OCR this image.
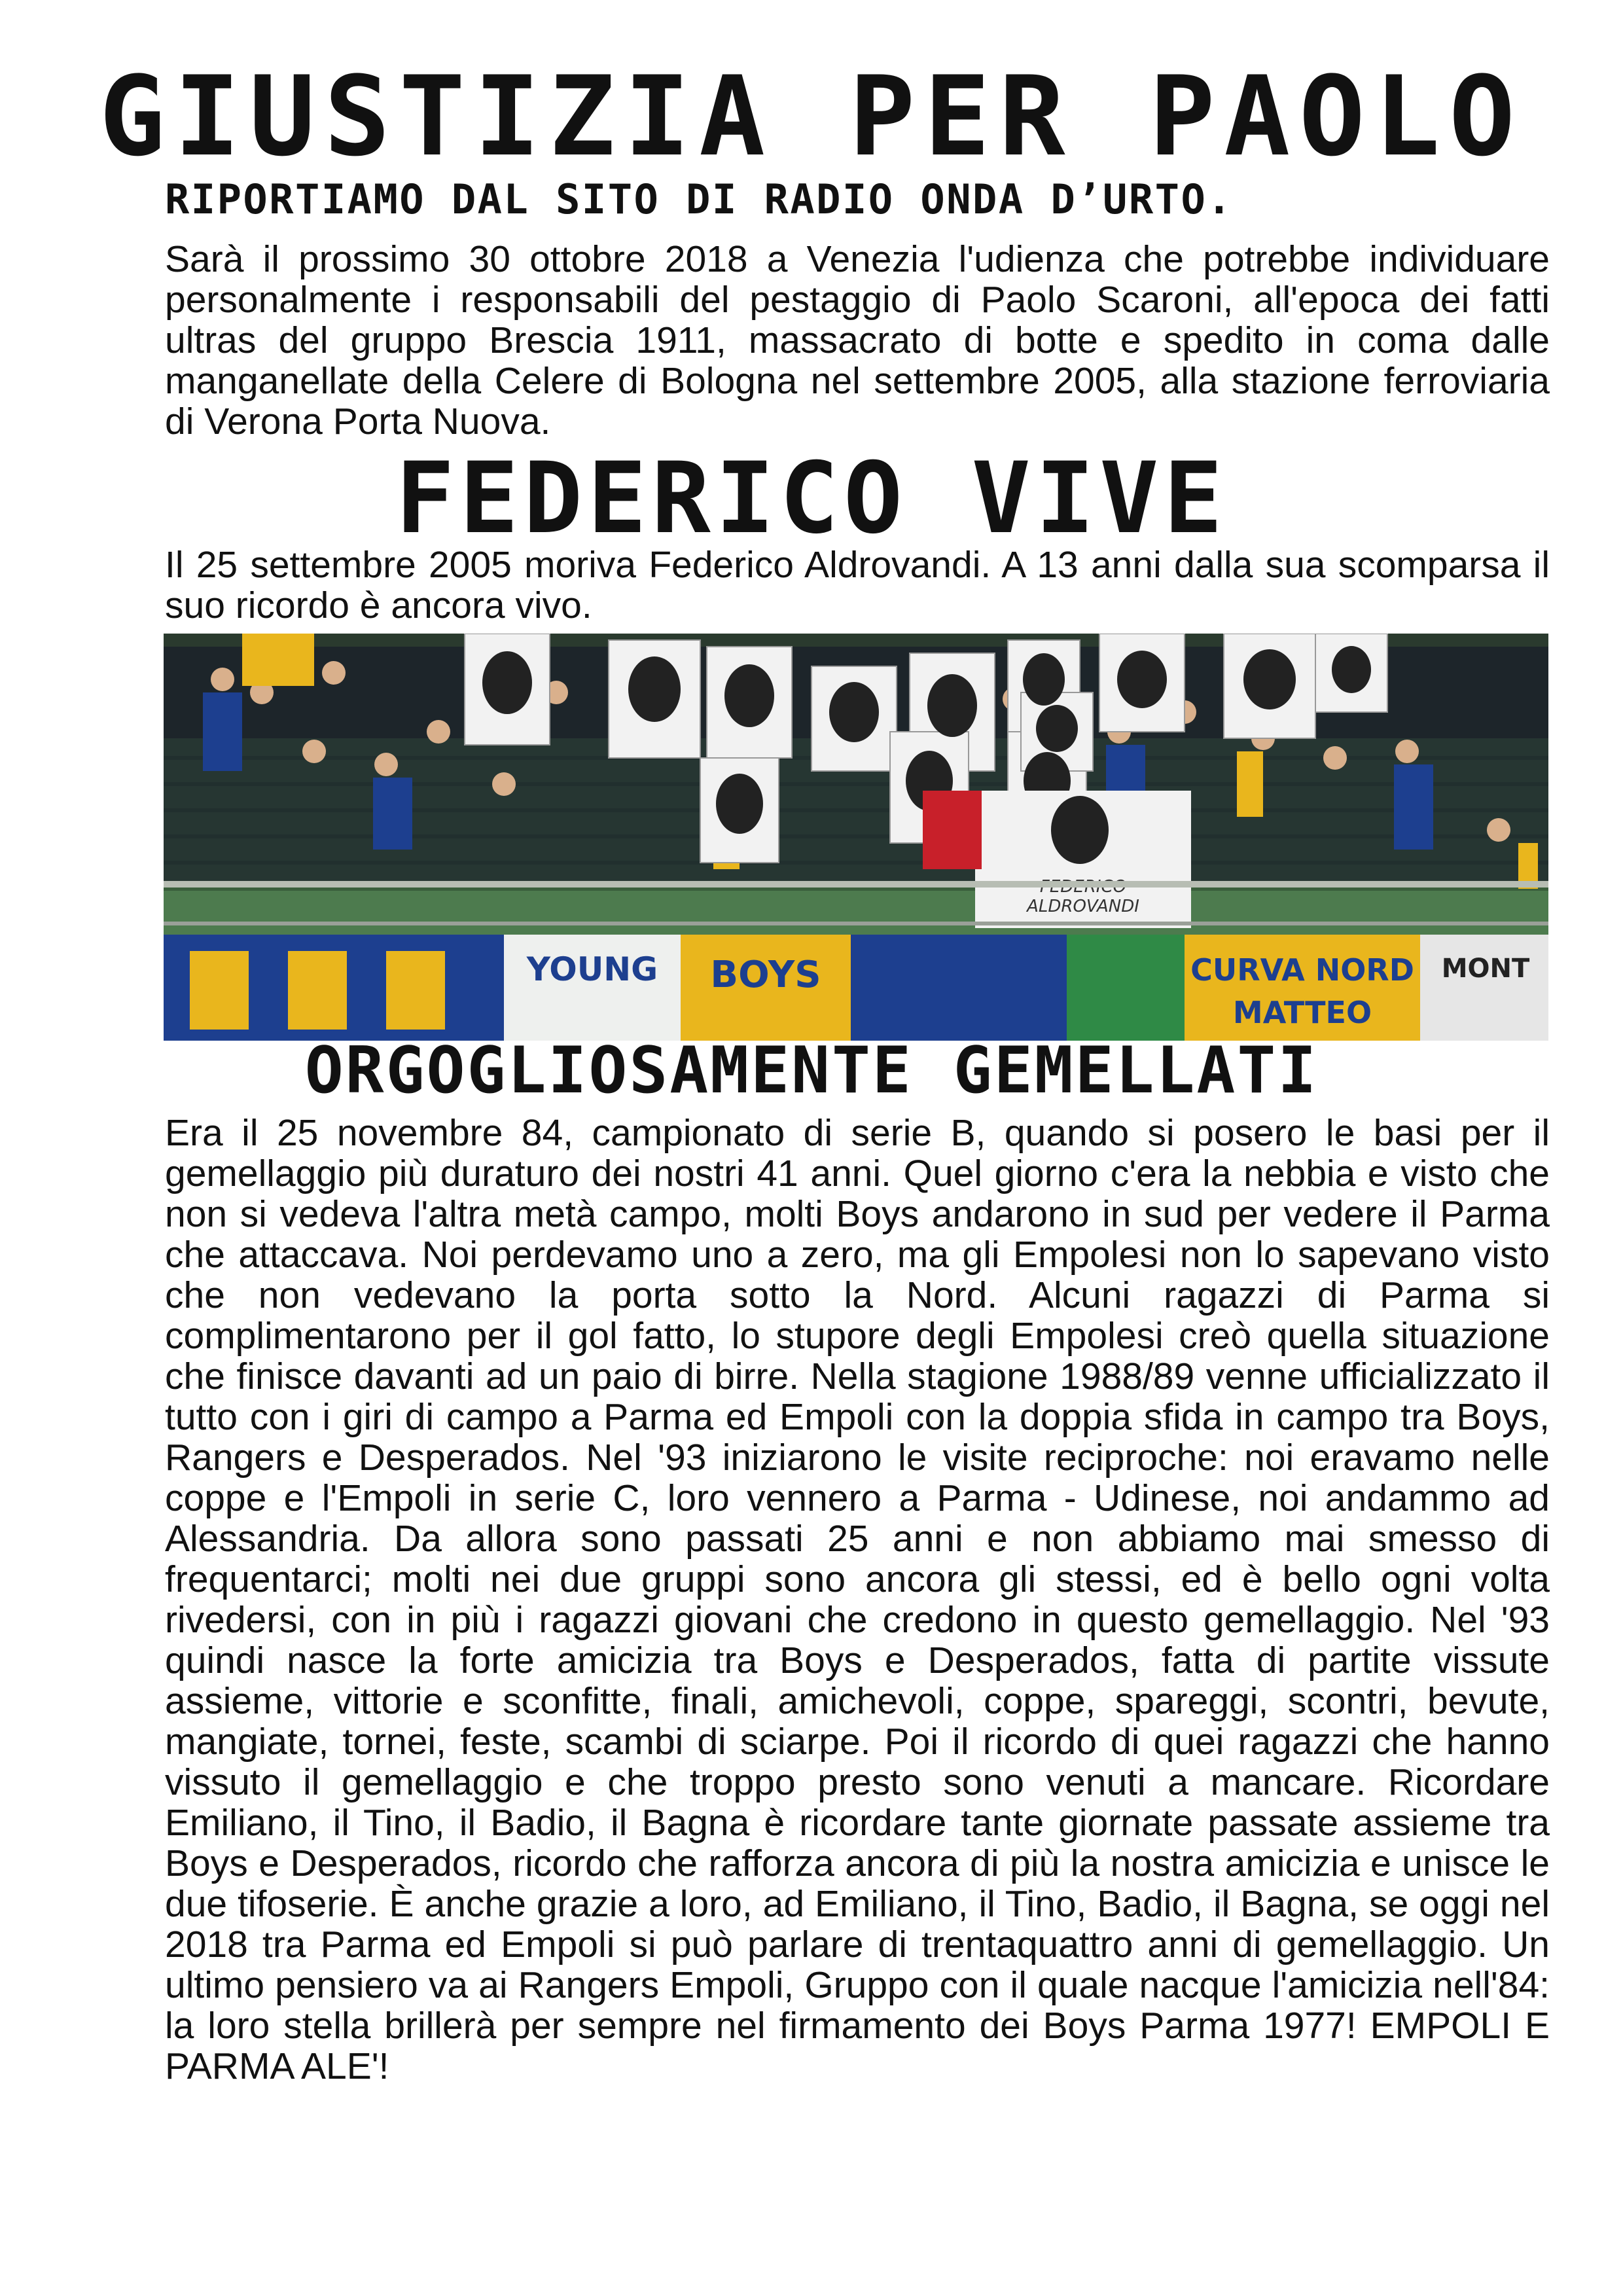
GIUSTIZIA PER PAOLO
RIPORTIAMO DAL SITO DI RADIO ONDA D’URTO.

Sarà il prossimo 30 ottobre 2018 a Venezia l'udienza che potrebbe individuare personalmente i responsabili del pestaggio di Paolo Scaroni, all'epoca dei fatti ultras del gruppo Brescia 1911, massacrato di botte e spedito in coma dalle manganellate della Celere di Bologna nel settembre 2005, alla stazione ferroviaria di Verona Porta Nuova.

FEDERICO VIVE

Il 25 settembre 2005 moriva Federico Aldrovandi. A 13 anni dalla sua scomparsa il suo ricordo è ancora vivo.

ALDROVANDI
YOUNG BOYS	CURVA NORD
MATTEO
MONT
ORGOGLIOSAMENTE GEMELLATI

Era il 25 novembre 84, campionato di serie B, quando si posero le basi per il gemellaggio più duraturo dei nostri 41 anni. Quel giorno c'era la nebbia e visto che non si vedeva l'altra metà campo, molti Boys andarono in sud per vedere il Parma che attaccava. Noi perdevamo uno a zero, ma gli Empolesi non lo sapevano visto che non vedevano la porta sotto la Nord. Alcuni ragazzi di Parma si complimentarono per il gol fatto, lo stupore degli Empolesi creò quella situazione che finisce davanti ad un paio di birre. Nella stagione 1988/89 venne ufficializzato il tutto con i giri di campo a Parma ed Empoli con la doppia sfida in campo tra Boys, Rangers e Desperados. Nel '93 iniziarono le visite reciproche: noi eravamo nelle coppe e l'Empoli in serie C, loro vennero a Parma - Udinese, noi andammo ad Alessandria. Da allora sono passati 25 anni e non abbiamo mai smesso di frequentarci; molti nei due gruppi sono ancora gli stessi, ed è bello ogni volta rivedersi, con in più i ragazzi giovani che credono in questo gemellaggio. Nel '93 quindi nasce la forte amicizia tra Boys e Desperados, fatta di partite vissute assieme, vittorie e sconfitte, finali, amichevoli, coppe, spareggi, scontri, bevute, mangiate, tornei, feste, scambi di sciarpe. Poi il ricordo di quei ragazzi che hanno vissuto il gemellaggio e che troppo presto sono venuti a mancare. Ricordare Emiliano, il Tino, il Badio, il Bagna è ricordare tante giornate passate assieme tra Boys e Desperados, ricordo che rafforza ancora di più la nostra amicizia e unisce le due tifoserie. È anche grazie a loro, ad Emiliano, il Tino, Badio, il Bagna, se oggi nel 2018 tra Parma ed Empoli si può parlare di trentaquattro anni di gemellaggio. Un ultimo pensiero va ai Rangers Empoli, Gruppo con il quale nacque l'amicizia nell'84: la loro stella brillerà per sempre nel firmamento dei Boys Parma 1977! EMPOLI E PARMA ALE'!
